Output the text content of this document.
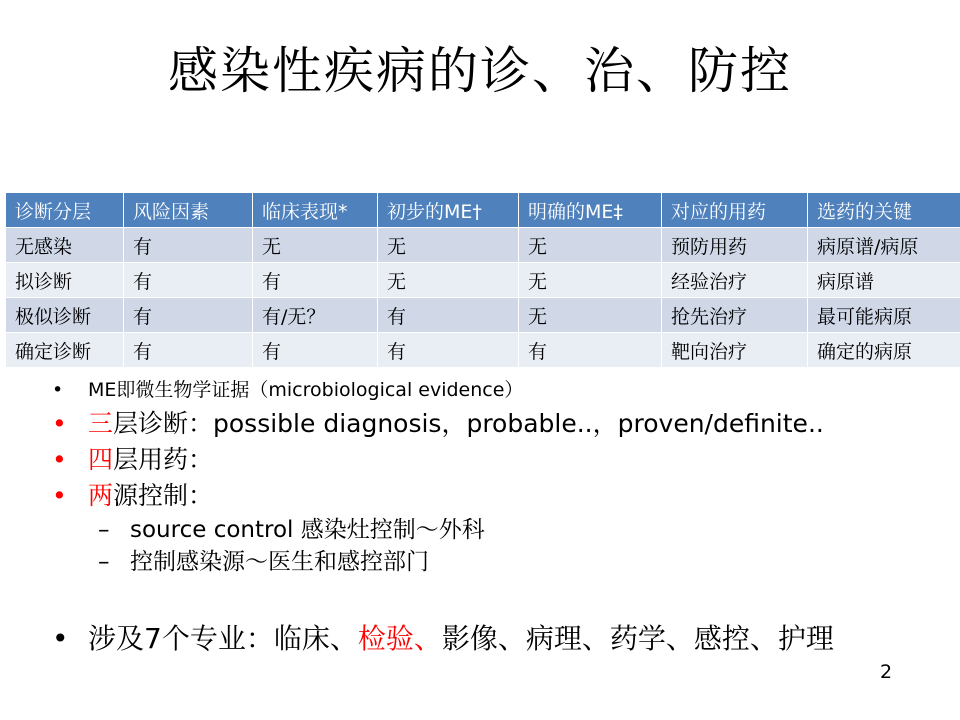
感染性疾病的诊、治、防控
诊断分层	风险因素	临床表现*	初步的ME†	明确的ME‡	对应的用药	选药的关键
无感染	有	无	无	无	预防用药	病原谱/病原
拟诊断	有	有	无	无	经验治疗	病原谱
极似诊断	有	有/无？	有	无	抢先治疗	最可能病原
确定诊断	有	有	有	有	靶向治疗	确定的病原
• ME即微生物学证据（microbiological evidence）
• 三层诊断：possible diagnosis，probable..，proven/definite..
• 四层用药：
• 两源控制：
– source control 感染灶控制～外科
– 控制感染源～医生和感控部门
• 涉及7个专业：临床、检验、影像、病理、药学、感控、护理
2
